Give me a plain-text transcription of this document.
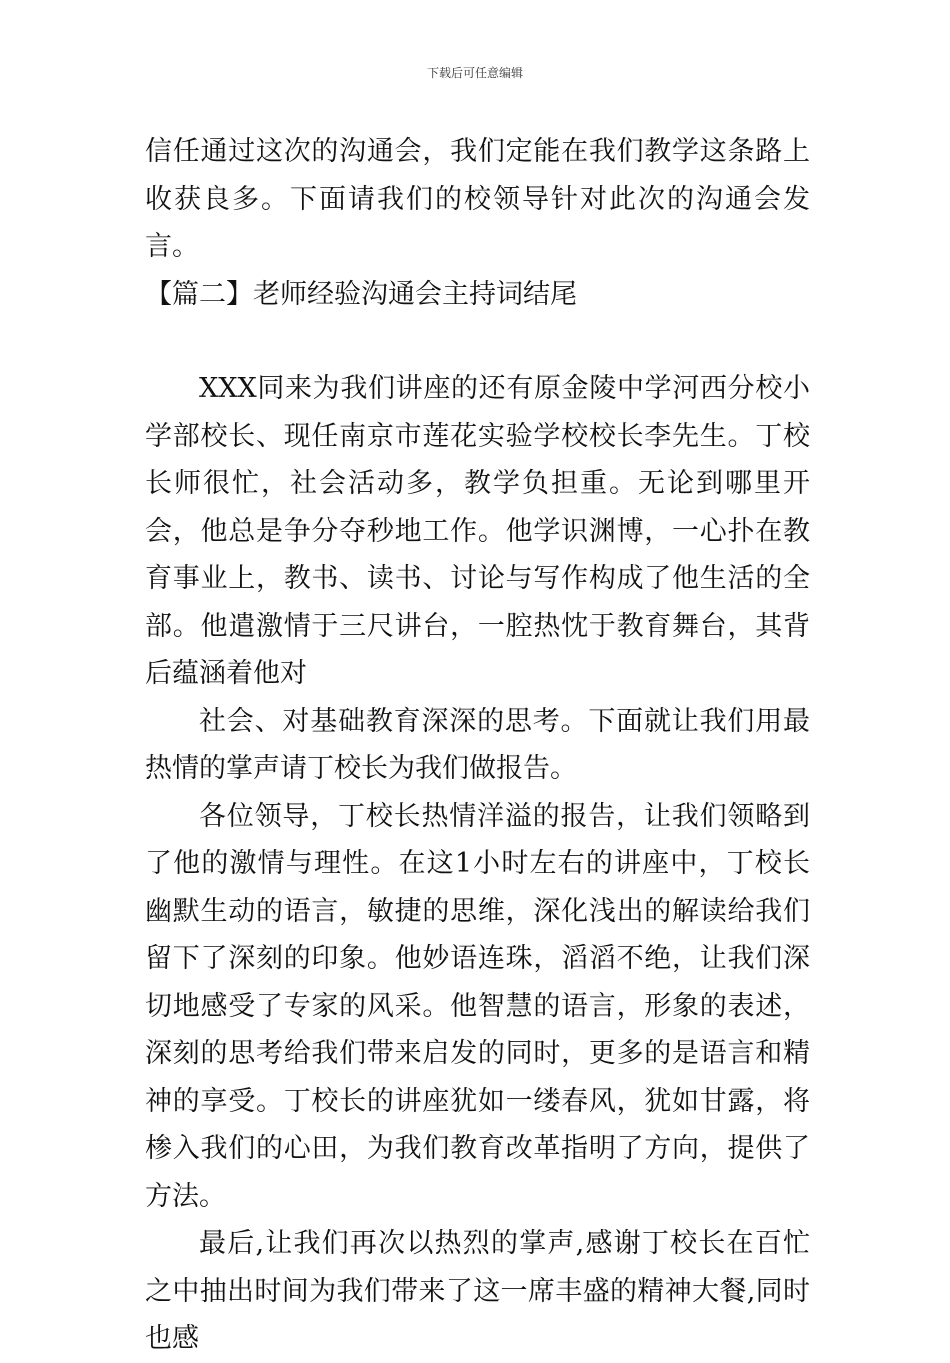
下载后可任意编辑

信任通过这次的沟通会，我们定能在我们教学这条路上收获良多。下面请我们的校领导针对此次的沟通会发言。

【篇二】老师经验沟通会主持词结尾

XXX同来为我们讲座的还有原金陵中学河西分校小学部校长、现任南京市莲花实验学校校长李先生。丁校长师很忙，社会活动多，教学负担重。无论到哪里开会，他总是争分夺秒地工作。他学识渊博，一心扑在教育事业上，教书、读书、讨论与写作构成了他生活的全部。他遣激情于三尺讲台，一腔热忱于教育舞台，其背后蕴涵着他对

社会、对基础教育深深的思考。下面就让我们用最热情的掌声请丁校长为我们做报告。

各位领导，丁校长热情洋溢的报告，让我们领略到了他的激情与理性。在这1小时左右的讲座中，丁校长幽默生动的语言，敏捷的思维，深化浅出的解读给我们留下了深刻的印象。他妙语连珠，滔滔不绝，让我们深切地感受了专家的风采。他智慧的语言，形象的表述，深刻的思考给我们带来启发的同时，更多的是语言和精神的享受。丁校长的讲座犹如一缕春风，犹如甘露，将椮入我们的心田，为我们教育改革指明了方向，提供了方法。

最后,让我们再次以热烈的掌声,感谢丁校长在百忙之中抽出时间为我们带来了这一席丰盛的精神大餐,同时也感
